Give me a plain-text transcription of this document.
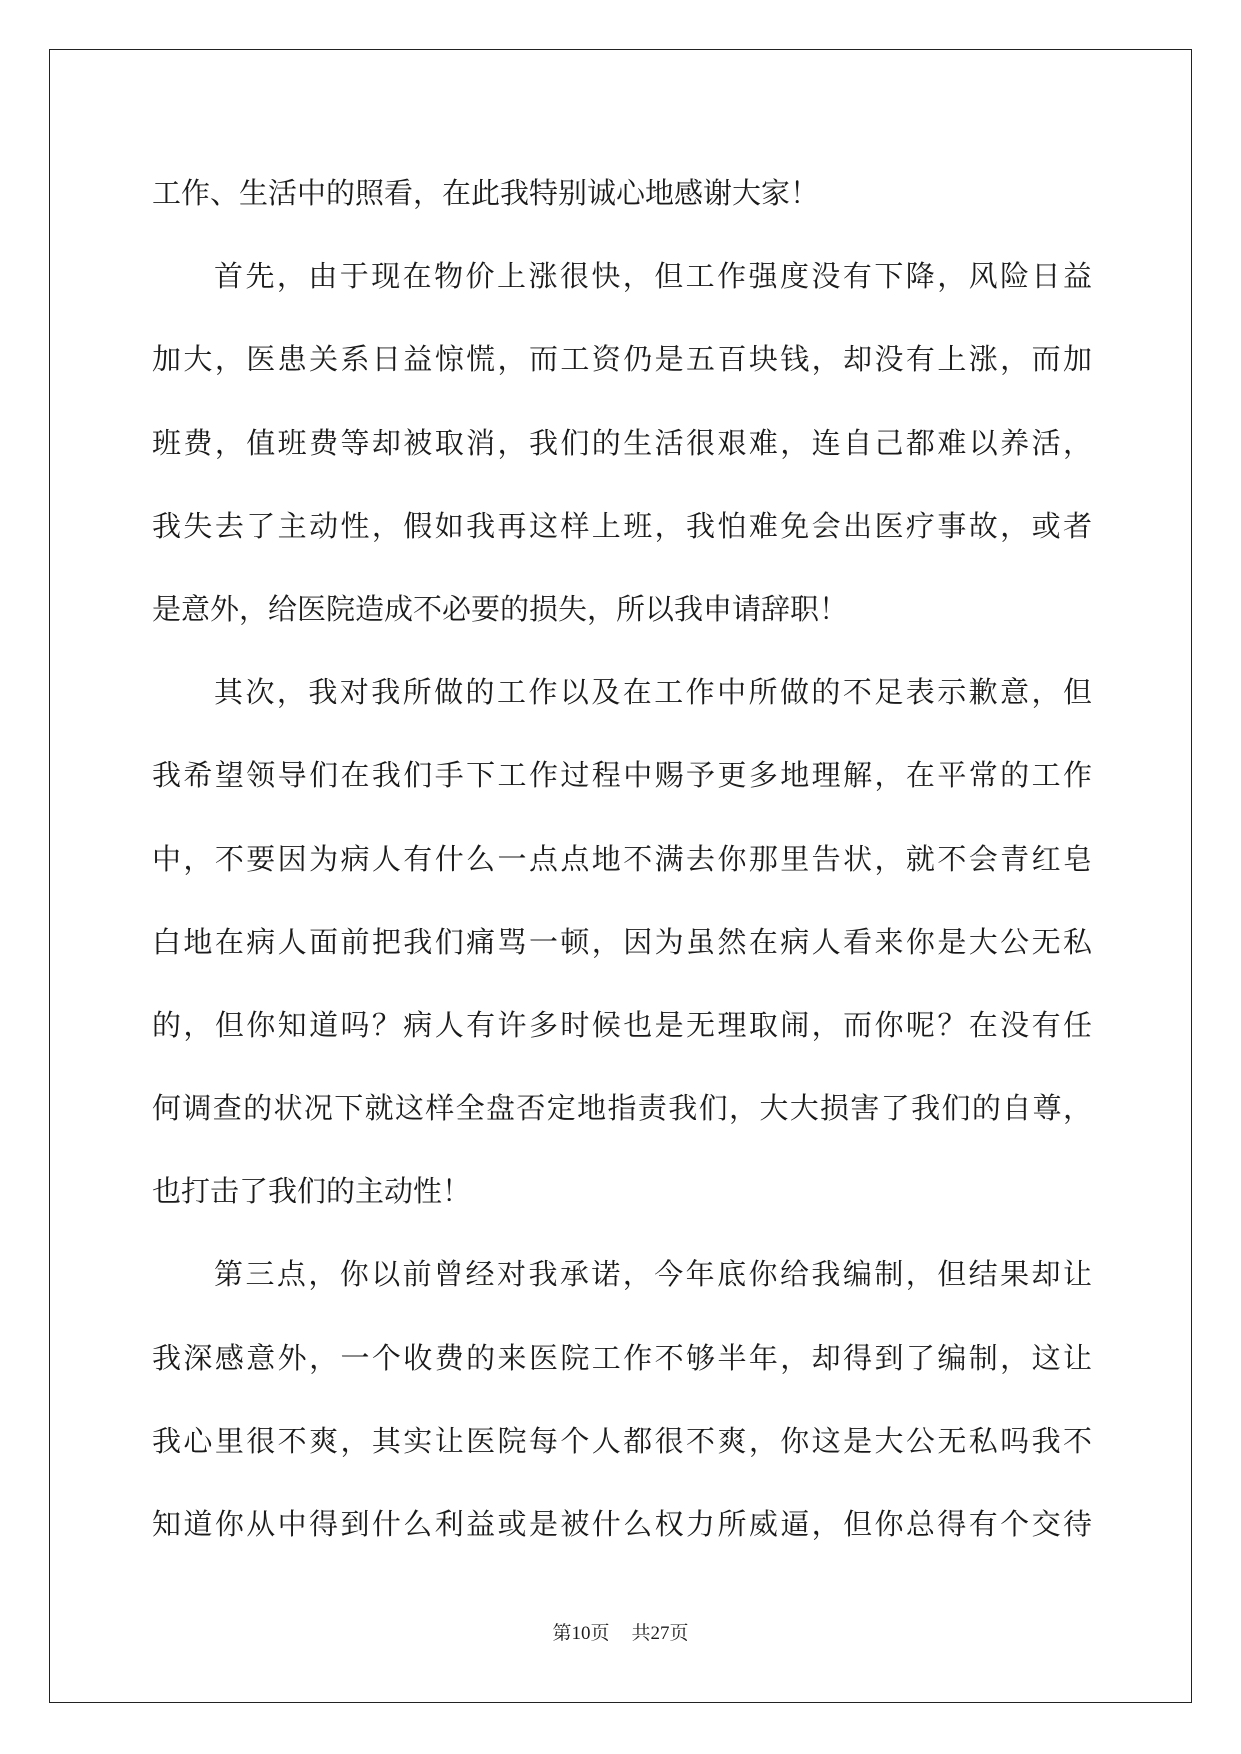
工作、生活中的照看，在此我特别诚心地感谢大家！
首先，由于现在物价上涨很快，但工作强度没有下降，风险日益
加大，医患关系日益惊慌，而工资仍是五百块钱，却没有上涨，而加
班费，值班费等却被取消，我们的生活很艰难，连自己都难以养活，
我失去了主动性，假如我再这样上班，我怕难免会出医疗事故，或者
是意外，给医院造成不必要的损失，所以我申请辞职！
其次，我对我所做的工作以及在工作中所做的不足表示歉意，但
我希望领导们在我们手下工作过程中赐予更多地理解，在平常的工作
中，不要因为病人有什么一点点地不满去你那里告状，就不会青红皂
白地在病人面前把我们痛骂一顿，因为虽然在病人看来你是大公无私
的，但你知道吗？病人有许多时候也是无理取闹，而你呢？在没有任
何调查的状况下就这样全盘否定地指责我们，大大损害了我们的自尊，
也打击了我们的主动性！
第三点，你以前曾经对我承诺，今年底你给我编制，但结果却让
我深感意外，一个收费的来医院工作不够半年，却得到了编制，这让
我心里很不爽，其实让医院每个人都很不爽，你这是大公无私吗我不
知道你从中得到什么利益或是被什么权力所威逼，但你总得有个交待
第10页 共27页
